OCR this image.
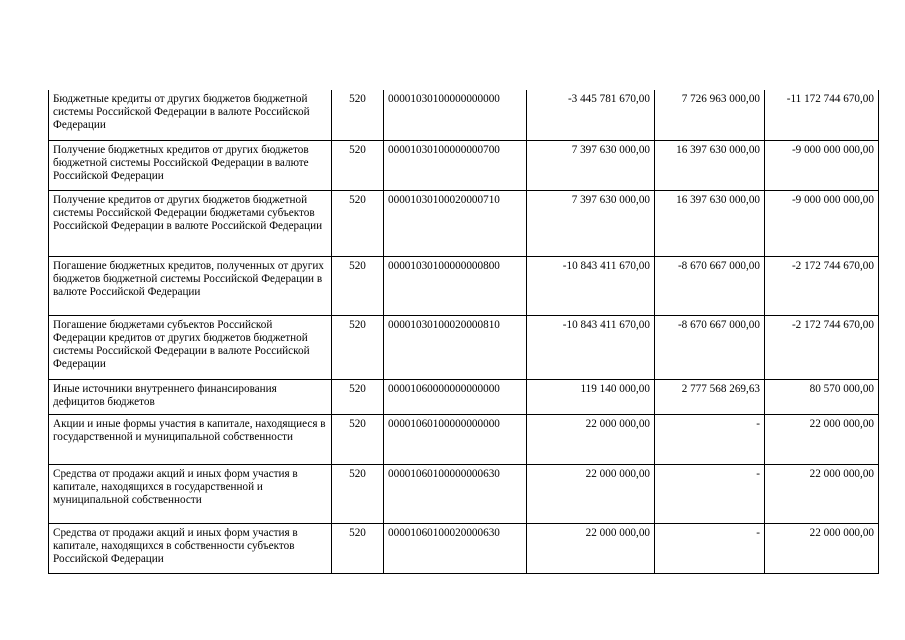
Бюджетные кредиты от других бюджетов бюджетной системы Российской Федерации в валюте Российской Федерации	520	00001030100000000000	-3 445 781 670,00	7 726 963 000,00	-11 172 744 670,00
Получение бюджетных кредитов от других бюджетов бюджетной системы Российской Федерации в валюте Российской Федерации	520	00001030100000000700	7 397 630 000,00	16 397 630 000,00	-9 000 000 000,00
Получение кредитов от других бюджетов бюджетной системы Российской Федерации бюджетами субъектов Российской Федерации в валюте Российской Федерации	520	00001030100020000710	7 397 630 000,00	16 397 630 000,00	-9 000 000 000,00
Погашение бюджетных кредитов, полученных от других бюджетов бюджетной системы Российской Федерации в валюте Российской Федерации	520	00001030100000000800	-10 843 411 670,00	-8 670 667 000,00	-2 172 744 670,00
Погашение бюджетами субъектов Российской Федерации кредитов от других бюджетов бюджетной системы Российской Федерации в валюте Российской Федерации	520	00001030100020000810	-10 843 411 670,00	-8 670 667 000,00	-2 172 744 670,00
Иные источники внутреннего финансирования дефицитов бюджетов	520	00001060000000000000	119 140 000,00	2 777 568 269,63	80 570 000,00
Акции и иные формы участия в капитале, находящиеся в государственной и муниципальной собственности	520	00001060100000000000	22 000 000,00	-	22 000 000,00
Средства от продажи акций и иных форм участия в капитале, находящихся в государственной и муниципальной собственности	520	00001060100000000630	22 000 000,00	-	22 000 000,00
Средства от продажи акций и иных форм участия в капитале, находящихся в собственности субъектов Российской Федерации	520	00001060100020000630	22 000 000,00	-	22 000 000,00
